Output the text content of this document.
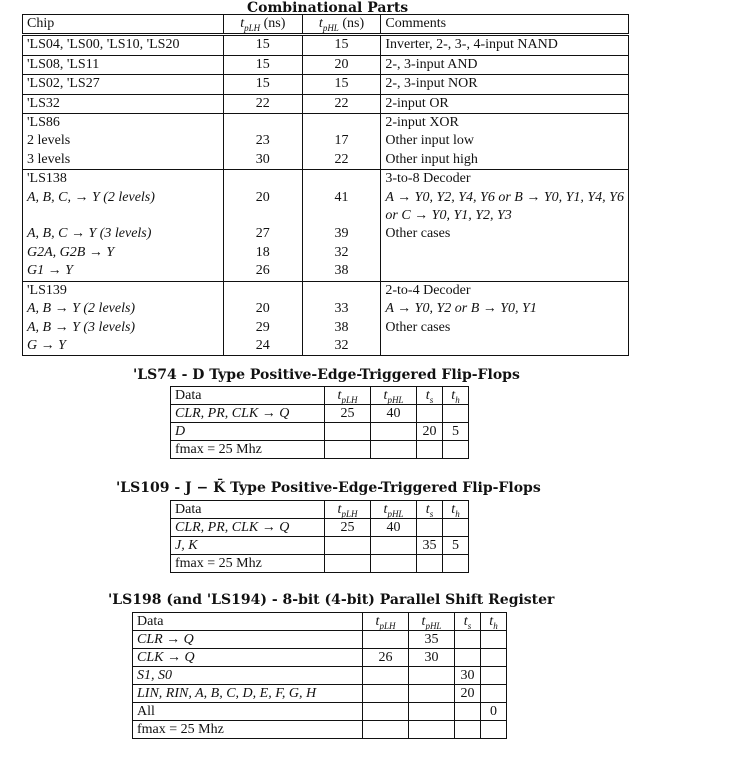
Combinational Parts
Chip	$t_{pLH}$ (ns)	$t_{pHL}$ (ns)	Comments
'LS04, 'LS00, 'LS10, 'LS20	15	15	Inverter, 2-, 3-, 4-input NAND
'LS08, 'LS11	15	20	2-, 3-input AND
'LS02, 'LS27	15	15	2-, 3-input NOR
'LS32	22	22	2-input OR
'LS86			2-input XOR
2 levels	23	17	Other input low
3 levels	30	22	Other input high
'LS138			3-to-8 Decoder
A, B, C, → Y (2 levels)	20	41	A → Y0, Y2, Y4, Y6 or B → Y0, Y1, Y4, Y6
			or C → Y0, Y1, Y2, Y3
A, B, C → Y (3 levels)	27	39	Other cases
G2A, G2B → Y	18	32	
G1 → Y	26	38	
'LS139			2-to-4 Decoder
A, B → Y (2 levels)	20	33	A → Y0, Y2 or B → Y0, Y1
A, B → Y (3 levels)	29	38	Other cases
G → Y	24	32	
'LS74 - D Type Positive-Edge-Triggered Flip-Flops
Data	$t_{pLH}$	$t_{pHL}$	$t_s$	$t_h$
CLR, PR, CLK → Q	25	40		
D			20	5
fmax = 25 Mhz				
'LS109 - J − K̄ Type Positive-Edge-Triggered Flip-Flops
Data	$t_{pLH}$	$t_{pHL}$	$t_s$	$t_h$
CLR, PR, CLK → Q	25	40		
J, K			35	5
fmax = 25 Mhz				
'LS198 (and 'LS194) - 8-bit (4-bit) Parallel Shift Register
Data	$t_{pLH}$	$t_{pHL}$	$t_s$	$t_h$
CLR → Q		35		
CLK → Q	26	30		
S1, S0			30	
LIN, RIN, A, B, C, D, E, F, G, H			20	
All				0
fmax = 25 Mhz				
